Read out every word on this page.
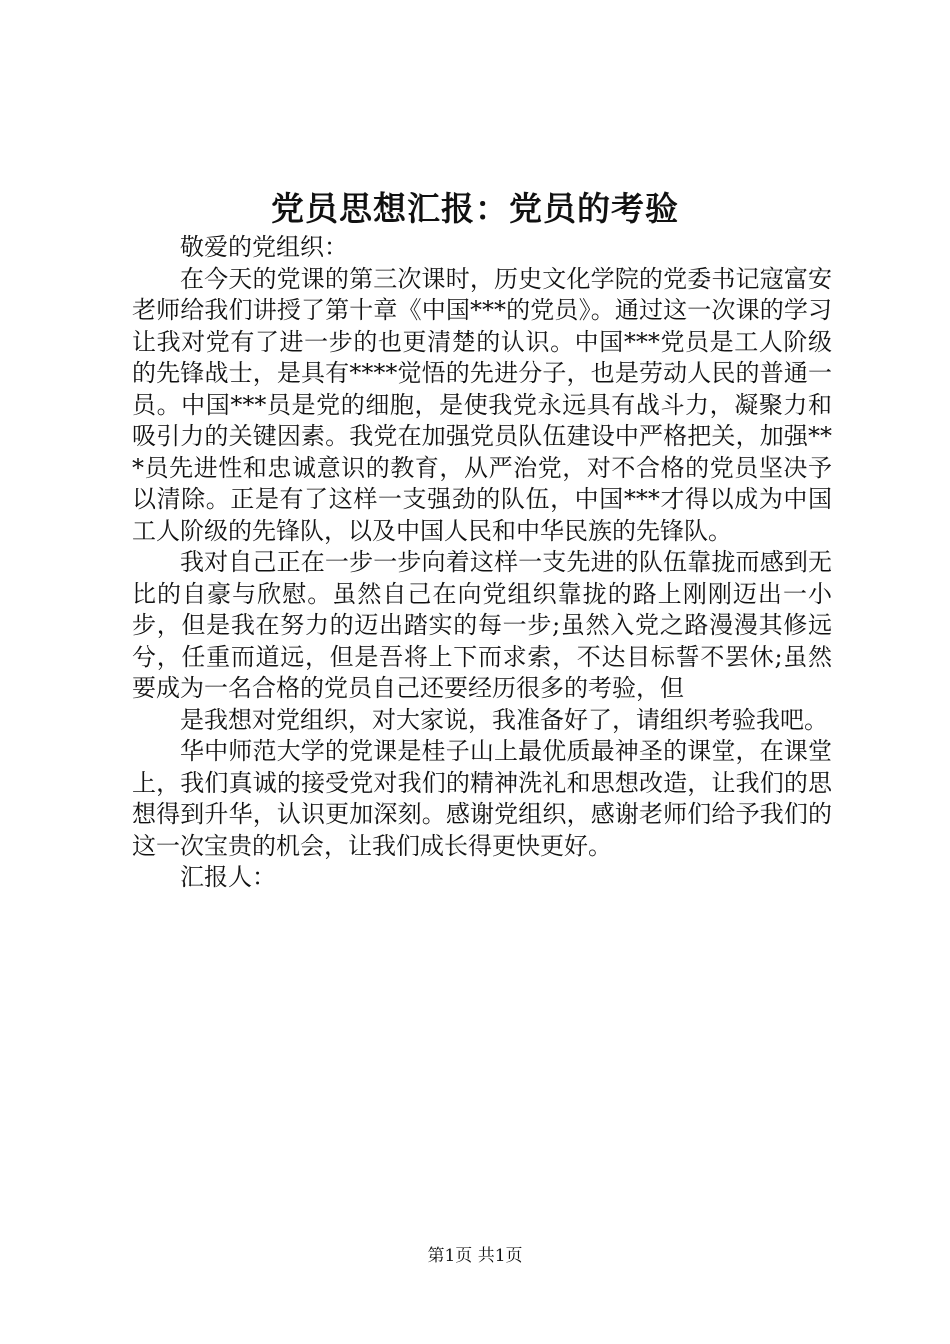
党员思想汇报：党员的考验

敬爱的党组织：

在今天的党课的第三次课时，历史文化学院的党委书记寇富安老师给我们讲授了第十章《中国***的党员》。通过这一次课的学习让我对党有了进一步的也更清楚的认识。中国***党员是工人阶级的先锋战士，是具有****觉悟的先进分子，也是劳动人民的普通一员。中国***员是党的细胞，是使我党永远具有战斗力，凝聚力和吸引力的关键因素。我党在加强党员队伍建设中严格把关，加强***员先进性和忠诚意识的教育，从严治党，对不合格的党员坚决予以清除。正是有了这样一支强劲的队伍，中国***才得以成为中国工人阶级的先锋队，以及中国人民和中华民族的先锋队。

我对自己正在一步一步向着这样一支先进的队伍靠拢而感到无比的自豪与欣慰。虽然自己在向党组织靠拢的路上刚刚迈出一小步，但是我在努力的迈出踏实的每一步;虽然入党之路漫漫其修远兮，任重而道远，但是吾将上下而求索，不达目标誓不罢休;虽然要成为一名合格的党员自己还要经历很多的考验，但

是我想对党组织，对大家说，我准备好了，请组织考验我吧。

华中师范大学的党课是桂子山上最优质最神圣的课堂，在课堂上，我们真诚的接受党对我们的精神洗礼和思想改造，让我们的思想得到升华，认识更加深刻。感谢党组织，感谢老师们给予我们的这一次宝贵的机会，让我们成长得更快更好。

汇报人：

第1页 共1页
